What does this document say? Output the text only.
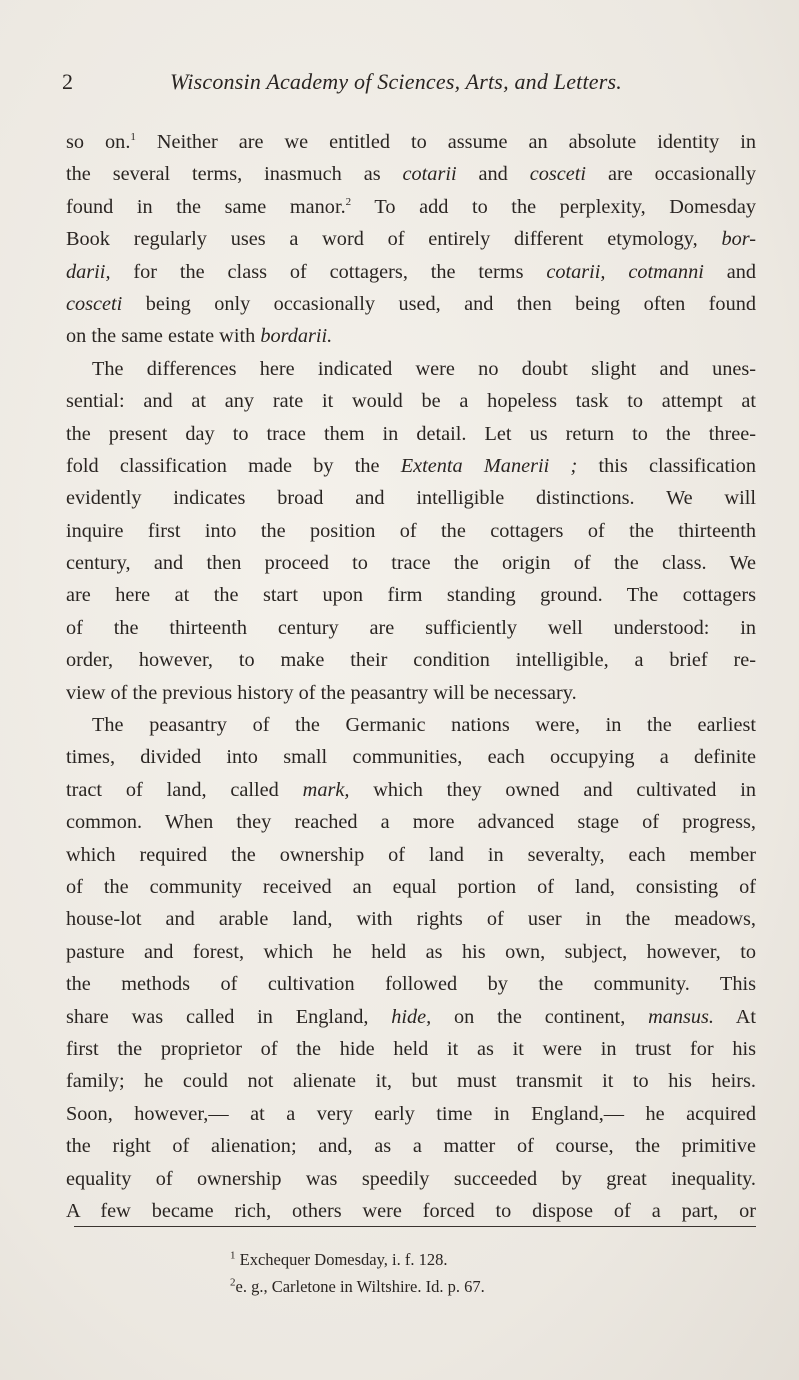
2	Wisconsin Academy of Sciences, Arts, and Letters.
so on.$^1$ Neither are we entitled to assume an absolute identity in
the several terms, inasmuch as cotarii and cosceti are occasionally
found in the same manor.$^2$ To add to the perplexity, Domesday
Book regularly uses a word of entirely different etymology, bor-
darii, for the class of cottagers, the terms cotarii, cotmanni and
cosceti being only occasionally used, and then being often found
on the same estate with bordarii.
The differences here indicated were no doubt slight and unes-
sential: and at any rate it would be a hopeless task to attempt at
the present day to trace them in detail. Let us return to the three-
fold classification made by the Extenta Manerii ; this classification
evidently indicates broad and intelligible distinctions. We will
inquire first into the position of the cottagers of the thirteenth
century, and then proceed to trace the origin of the class. We
are here at the start upon firm standing ground. The cottagers
of the thirteenth century are sufficiently well understood: in
order, however, to make their condition intelligible, a brief re-
view of the previous history of the peasantry will be necessary.
The peasantry of the Germanic nations were, in the earliest
times, divided into small communities, each occupying a definite
tract of land, called mark, which they owned and cultivated in
common. When they reached a more advanced stage of progress,
which required the ownership of land in severalty, each member
of the community received an equal portion of land, consisting of
house-lot and arable land, with rights of user in the meadows,
pasture and forest, which he held as his own, subject, however, to
the methods of cultivation followed by the community. This
share was called in England, hide, on the continent, mansus. At
first the proprietor of the hide held it as it were in trust for his
family; he could not alienate it, but must transmit it to his heirs.
Soon, however,— at a very early time in England,— he acquired
the right of alienation; and, as a matter of course, the primitive
equality of ownership was speedily succeeded by great inequality.
A few became rich, others were forced to dispose of a part, or
$^1$ Exchequer Domesday, i. f. 128.
$^2$e. g., Carletone in Wiltshire. Id. p. 67.
